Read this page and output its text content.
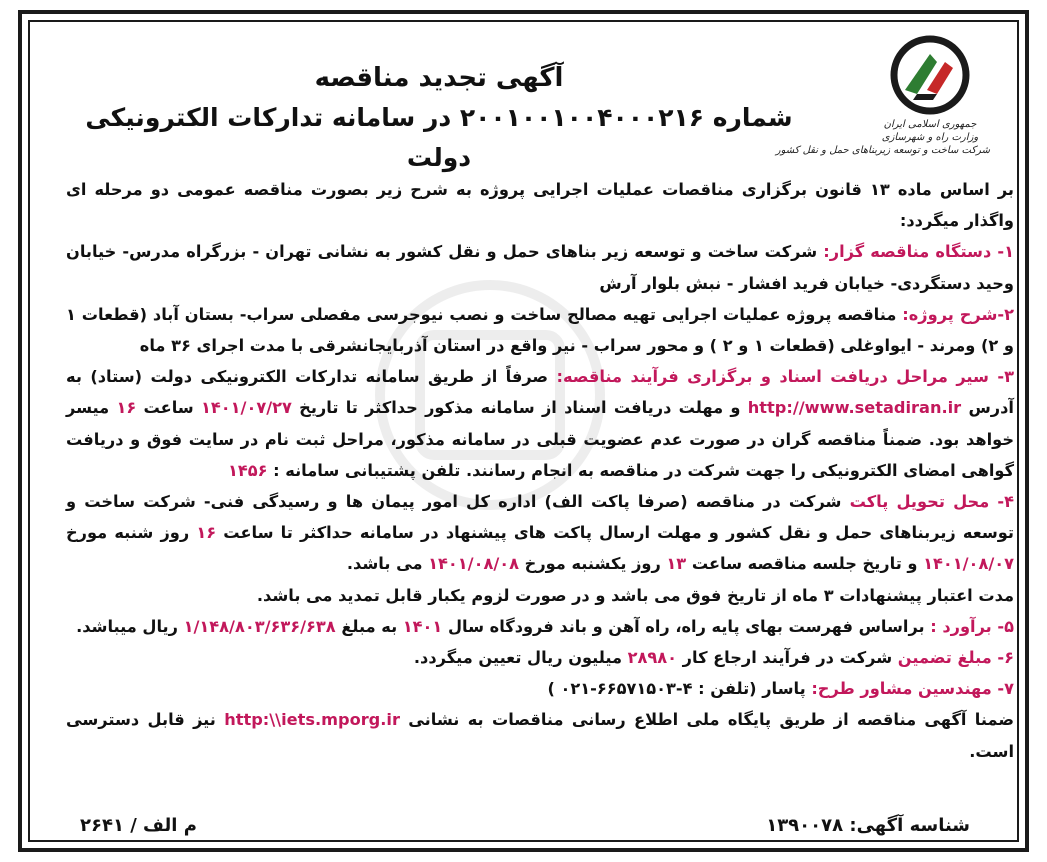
جمهوری اسلامی ایران
وزارت راه و شهرسازی
شرکت ساخت و توسعه زیربناهای حمل و نقل کشور
آگهی تجدید مناقصه
شماره ۲۰۰۱۰۰۱۰۰۴۰۰۰۲۱۶ در سامانه تدارکات الکترونیکی دولت

بر اساس ماده ۱۳ قانون برگزاری مناقصات عملیات اجرایی پروژه به شرح زیر بصورت مناقصه عمومی دو مرحله ای واگذار میگردد:

۱- دستگاه مناقصه گزار: شرکت ساخت و توسعه زیر بناهای حمل و نقل کشور به نشانی تهران - بزرگراه مدرس- خیابان وحید دستگردی- خیابان فرید افشار - نبش بلوار آرش

۲-شرح پروژه: مناقصه پروژه عملیات اجرایی تهیه مصالح ساخت و نصب نیوجرسی مفصلی سراب- بستان آباد (قطعات ۱ و ۲) ومرند - ایواوغلی (قطعات ۱ و ۲ ) و محور سراب - نیر واقع در استان آذربایجانشرقی با مدت اجرای ۳۶ ماه

۳- سیر مراحل دریافت اسناد و برگزاری فرآیند مناقصه: صرفاً از طریق سامانه تدارکات الکترونیکی دولت (ستاد) به آدرس http://www.setadiran.ir و مهلت دریافت اسناد از سامانه مذکور حداکثر تا تاریخ ۱۴۰۱/۰۷/۲۷ ساعت ۱۶ میسر خواهد بود. ضمناً مناقصه گران در صورت عدم عضویت قبلی در سامانه مذکور، مراحل ثبت نام در سایت فوق و دریافت گواهی امضای الکترونیکی را جهت شرکت در مناقصه به انجام رسانند. تلفن پشتیبانی سامانه : ۱۴۵۶

۴- محل تحویل پاکت شرکت در مناقصه (صرفا پاکت الف) اداره کل امور پیمان ها و رسیدگی فنی- شرکت ساخت و توسعه زیربناهای حمل و نقل کشور و مهلت ارسال پاکت های پیشنهاد در سامانه حداکثر تا ساعت ۱۶ روز شنبه مورخ ۱۴۰۱/۰۸/۰۷ و تاریخ جلسه مناقصه ساعت ۱۳ روز یکشنبه مورخ ۱۴۰۱/۰۸/۰۸ می باشد.

مدت اعتبار پیشنهادات ۳ ماه از تاریخ فوق می باشد و در صورت لزوم یکبار قابل تمدید می باشد.

۵- برآورد : براساس فهرست بهای پایه راه، راه آهن و باند فرودگاه سال ۱۴۰۱ به مبلغ ۱/۱۴۸/۸۰۳/۶۳۶/۶۳۸ ریال میباشد.

۶- مبلغ تضمین شرکت در فرآیند ارجاع کار ۲۸۹۸۰ میلیون ریال تعیین میگردد.

۷- مهندسین مشاور طرح: پاسار (تلفن : ۴-۶۶۵۷۱۵۰۳-۰۲۱ )

ضمنا آگهی مناقصه از طریق پایگاه ملی اطلاع رسانی مناقصات به نشانی http:\\iets.mporg.ir نیز قابل دسترسی است.

شناسه آگهی: ۱۳۹۰۰۷۸
م الف / ۲۶۴۱
